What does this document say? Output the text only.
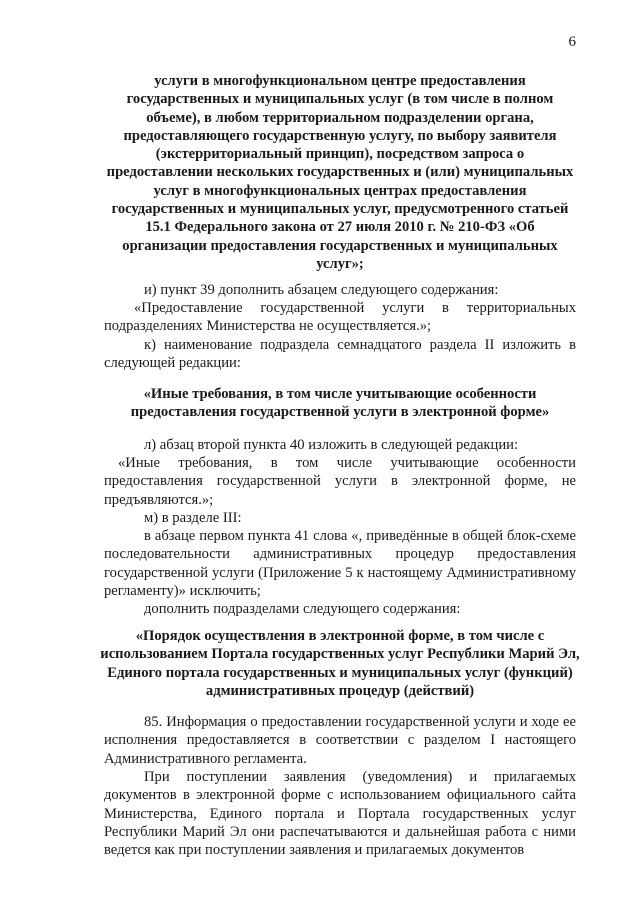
6
услуги в многофункциональном центре предоставления государственных и муниципальных услуг (в том числе в полном объеме), в любом территориальном подразделении органа, предоставляющего государственную услугу, по выбору заявителя (экстерриториальный принцип), посредством запроса о предоставлении нескольких государственных и (или) муниципальных услуг в многофункциональных центрах предоставления государственных и муниципальных услуг, предусмотренного статьей 15.1 Федерального закона от 27 июля 2010 г. № 210-ФЗ «Об организации предоставления государственных и муниципальных услуг»;
и) пункт 39 дополнить абзацем следующего содержания:
«Предоставление государственной услуги в территориальных подразделениях Министерства не осуществляется.»;
к) наименование подраздела семнадцатого раздела II изложить в следующей редакции:
«Иные требования, в том числе учитывающие особенности предоставления государственной услуги в электронной форме»
л) абзац второй пункта 40 изложить в следующей редакции:
«Иные требования, в том числе учитывающие особенности предоставления государственной услуги в электронной форме, не предъявляются.»;
м) в разделе III:
в абзаце первом пункта 41 слова «, приведённые в общей блок-схеме последовательности административных процедур предоставления государственной услуги (Приложение 5 к настоящему Административному регламенту)» исключить;
дополнить подразделами следующего содержания:
«Порядок осуществления в электронной форме, в том числе с использованием Портала государственных услуг Республики Марий Эл, Единого портала государственных и муниципальных услуг (функций) административных процедур (действий)
85. Информация о предоставлении государственной услуги и ходе ее исполнения предоставляется в соответствии с разделом I настоящего Административного регламента.
При поступлении заявления (уведомления) и прилагаемых документов в электронной форме с использованием официального сайта Министерства, Единого портала и Портала государственных услуг Республики Марий Эл они распечатываются и дальнейшая работа с ними ведется как при поступлении заявления и прилагаемых документов
